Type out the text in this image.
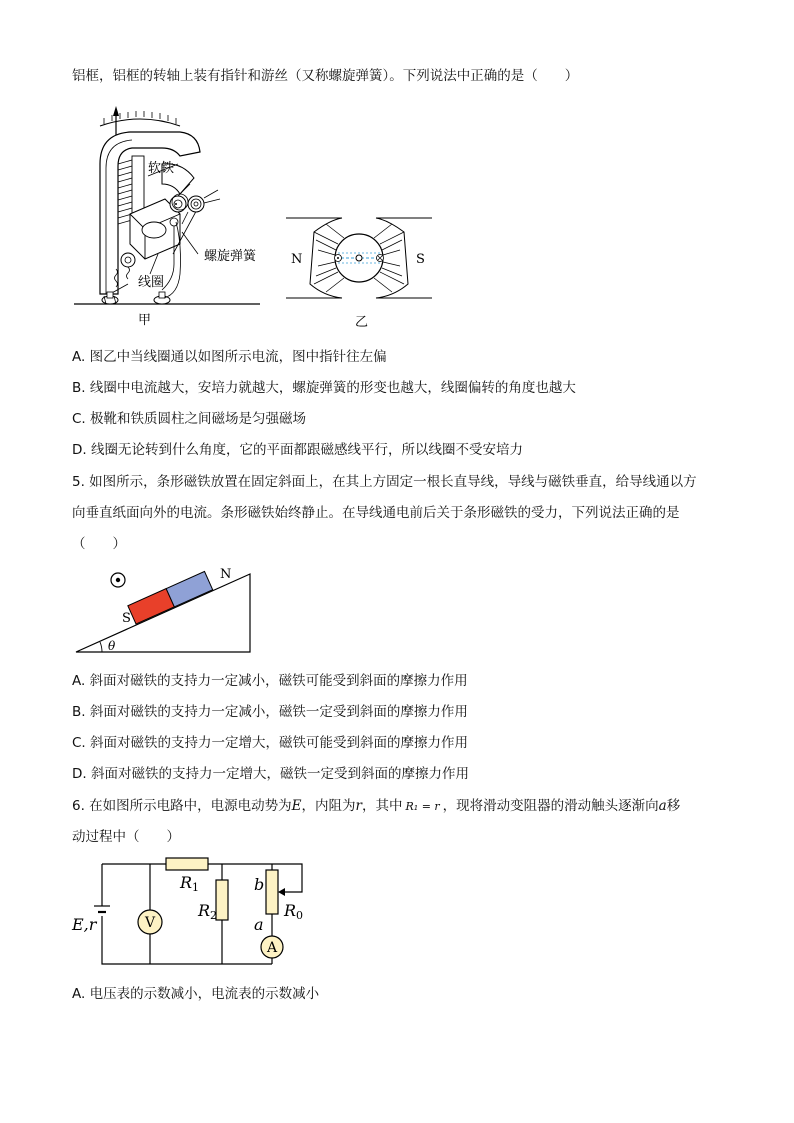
铝框，铝框的转轴上装有指针和游丝（又称螺旋弹簧）。下列说法中正确的是（　　）
软铁
螺旋弹簧
线圈
甲
N	S
乙
A. 图乙中当线圈通以如图所示电流，图中指针往左偏
B. 线圈中电流越大，安培力就越大，螺旋弹簧的形变也越大，线圈偏转的角度也越大
C. 极靴和铁质圆柱之间磁场是匀强磁场
D. 线圈无论转到什么角度，它的平面都跟磁感线平行，所以线圈不受安培力
5. 如图所示，条形磁铁放置在固定斜面上，在其上方固定一根长直导线，导线与磁铁垂直，给导线通以方
向垂直纸面向外的电流。条形磁铁始终静止。在导线通电前后关于条形磁铁的受力，下列说法正确的是
（　　）
N
S
θ
A. 斜面对磁铁的支持力一定减小，磁铁可能受到斜面的摩擦力作用
B. 斜面对磁铁的支持力一定减小，磁铁一定受到斜面的摩擦力作用
C. 斜面对磁铁的支持力一定增大，磁铁可能受到斜面的摩擦力作用
D. 斜面对磁铁的支持力一定增大，磁铁一定受到斜面的摩擦力作用
6. 在如图所示电路中，电源电动势为E，内阻为r，其中 R₁ = r ，现将滑动变阻器的滑动触头逐渐向a移
动过程中（　　）
V
A
E,r
R1
R2
b
a
R0
A. 电压表的示数减小，电流表的示数减小
